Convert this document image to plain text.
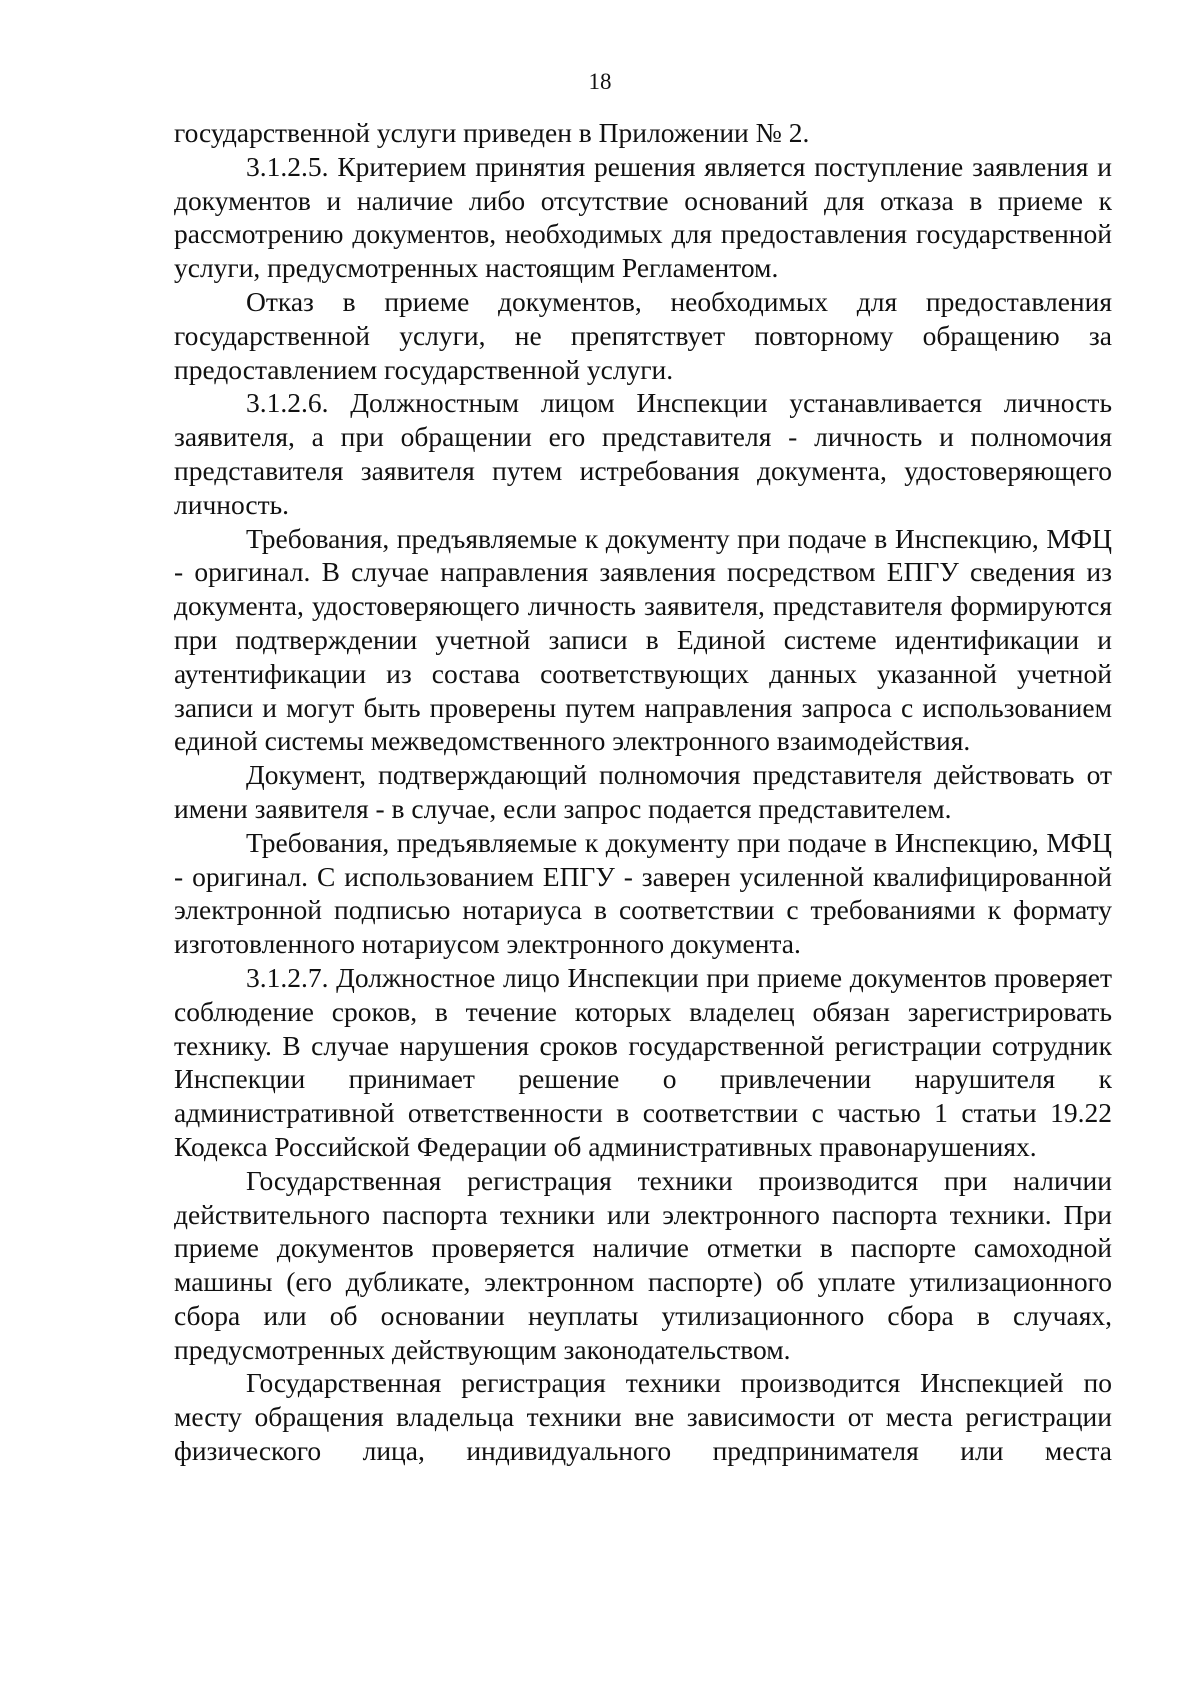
18

государственной услуги приведен в Приложении № 2.

3.1.2.5. Критерием принятия решения является поступление заявления и документов и наличие либо отсутствие оснований для отказа в приеме к рассмотрению документов, необходимых для предоставления государственной услуги, предусмотренных настоящим Регламентом.

Отказ в приеме документов, необходимых для предоставления государственной услуги, не препятствует повторному обращению за предоставлением государственной услуги.

3.1.2.6. Должностным лицом Инспекции устанавливается личность заявителя, а при обращении его представителя - личность и полномочия представителя заявителя путем истребования документа, удостоверяющего личность.

Требования, предъявляемые к документу при подаче в Инспекцию, МФЦ - оригинал. В случае направления заявления посредством ЕПГУ сведения из документа, удостоверяющего личность заявителя, представителя формируются при подтверждении учетной записи в Единой системе идентификации и аутентификации из состава соответствующих данных указанной учетной записи и могут быть проверены путем направления запроса с использованием единой системы межведомственного электронного взаимодействия.

Документ, подтверждающий полномочия представителя действовать от имени заявителя - в случае, если запрос подается представителем.

Требования, предъявляемые к документу при подаче в Инспекцию, МФЦ - оригинал. С использованием ЕПГУ - заверен усиленной квалифицированной электронной подписью нотариуса в соответствии с требованиями к формату изготовленного нотариусом электронного документа.

3.1.2.7. Должностное лицо Инспекции при приеме документов проверяет соблюдение сроков, в течение которых владелец обязан зарегистрировать технику. В случае нарушения сроков государственной регистрации сотрудник Инспекции принимает решение о привлечении нарушителя к административной ответственности в соответствии с частью 1 статьи 19.22 Кодекса Российской Федерации об административных правонарушениях.

Государственная регистрация техники производится при наличии действительного паспорта техники или электронного паспорта техники. При приеме документов проверяется наличие отметки в паспорте самоходной машины (его дубликате, электронном паспорте) об уплате утилизационного сбора или об основании неуплаты утилизационного сбора в случаях, предусмотренных действующим законодательством.

Государственная регистрация техники производится Инспекцией по месту обращения владельца техники вне зависимости от места регистрации физического лица, индивидуального предпринимателя или места
